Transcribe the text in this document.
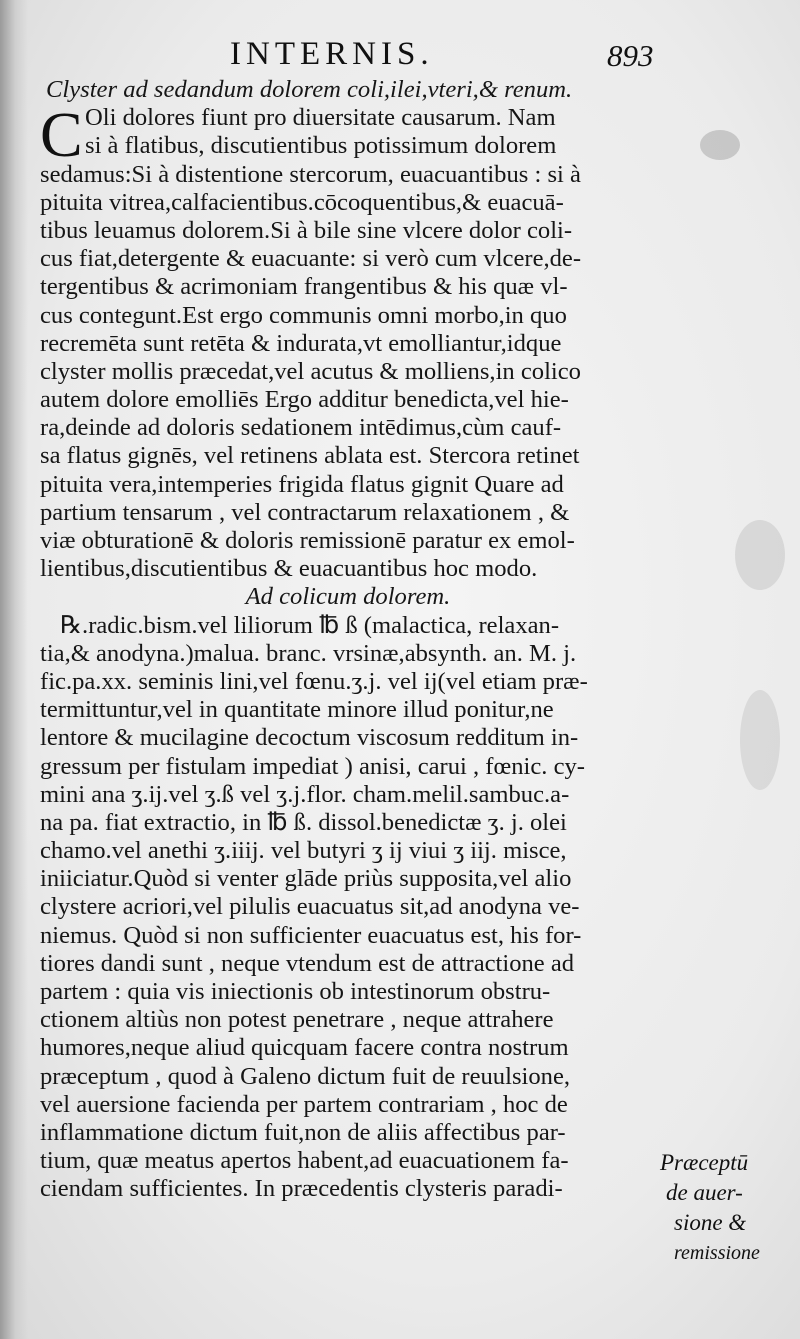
INTERNIS.	893
Clyster ad sedandum dolorem coli,ilei,vteri,& renum.
C Oli dolores fiunt pro diuersitate causarum. Nam
si à flatibus, discutientibus potissimum dolorem
sedamus:Si à distentione stercorum, euacuantibus : si à
pituita vitrea,calfacientibus.cōcoquentibus,& euacuā-
tibus leuamus dolorem.Si à bile sine vlcere dolor coli-
cus fiat,detergente & euacuante: si verò cum vlcere,de-
tergentibus & acrimoniam frangentibus & his quæ vl-
cus contegunt.Est ergo communis omni morbo,in quo
recremēta sunt retēta & indurata,vt emolliantur,idque
clyster mollis præcedat,vel acutus & molliens,in colico
autem dolore emolliēs Ergo additur benedicta,vel hie-
ra,deinde ad doloris sedationem intēdimus,cùm cauf-
sa flatus gignēs, vel retinens ablata est. Stercora retinet
pituita vera,intemperies frigida flatus gignit Quare ad
partium tensarum , vel contractarum relaxationem , &
viæ obturationē & doloris remissionē paratur ex emol-
lientibus,discutientibus & euacuantibus hoc modo.
Ad colicum dolorem.
℞.radic.bism.vel liliorum ℔ ß (malactica, relaxan-
tia,& anodyna.)malua. branc. vrsinæ,absynth. an. M. j.
fic.pa.xx. seminis lini,vel fœnu.ʒ.j. vel ij(vel etiam præ-
termittuntur,vel in quantitate minore illud ponitur,ne
lentore & mucilagine decoctum viscosum redditum in-
gressum per fistulam impediat ) anisi, carui , fœnic. cy-
mini ana ʒ.ij.vel ʒ.ß vel ʒ.j.flor. cham.melil.sambuc.a-
na pa. fiat extractio, in ℔ ß. dissol.benedictæ ʒ. j. olei
chamo.vel anethi ʒ.iiij. vel butyri ʒ ij viui ʒ iij. misce,
iniiciatur.Quòd si venter glāde priùs supposita,vel alio
clystere acriori,vel pilulis euacuatus sit,ad anodyna ve-
niemus. Quòd si non sufficienter euacuatus est, his for-
tiores dandi sunt , neque vtendum est de attractione ad
partem : quia vis iniectionis ob intestinorum obstru-
ctionem altiùs non potest penetrare , neque attrahere
humores,neque aliud quicquam facere contra nostrum
præceptum , quod à Galeno dictum fuit de reuulsione,
vel auersione facienda per partem contrariam , hoc de
inflammatione dictum fuit,non de aliis affectibus par-
tium, quæ meatus apertos habent,ad euacuationem fa-
ciendam sufficientes. In præcedentis clysteris paradi-
Præceptū
de auer-
sione &
remissione
